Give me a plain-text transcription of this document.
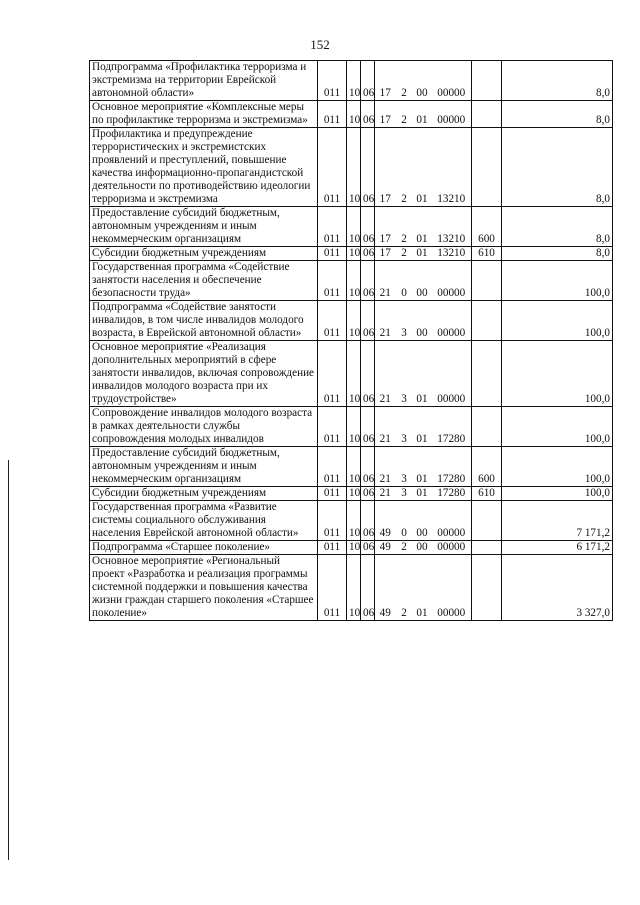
152
Подпрограмма «Профилактика терроризма и экстремизма на территории Еврейской автономной области»	011	10	06	17	2	00	00000		8,0
Основное мероприятие «Комплексные меры по профилактике терроризма и экстремизма»	011	10	06	17	2	01	00000		8,0
Профилактика и предупреждение террористических и экстремистских проявлений и преступлений, повышение качества информационно-пропагандистской деятельности по противодействию идеологии терроризма и экстремизма	011	10	06	17	2	01	13210		8,0
Предоставление субсидий бюджетным, автономным учреждениям и иным некоммерческим организациям	011	10	06	17	2	01	13210	600	8,0
Субсидии бюджетным учреждениям	011	10	06	17	2	01	13210	610	8,0
Государственная программа «Содействие занятости населения и обеспечение безопасности труда»	011	10	06	21	0	00	00000		100,0
Подпрограмма «Содействие занятости инвалидов, в том числе инвалидов молодого возраста, в Еврейской автономной области»	011	10	06	21	3	00	00000		100,0
Основное мероприятие «Реализация дополнительных мероприятий в сфере занятости инвалидов, включая сопровождение инвалидов молодого возраста при их трудоустройстве»	011	10	06	21	3	01	00000		100,0
Сопровождение инвалидов молодого возраста в рамках деятельности службы сопровождения молодых инвалидов	011	10	06	21	3	01	17280		100,0
Предоставление субсидий бюджетным, автономным учреждениям и иным некоммерческим организациям	011	10	06	21	3	01	17280	600	100,0
Субсидии бюджетным учреждениям	011	10	06	21	3	01	17280	610	100,0
Государственная программа «Развитие системы социального обслуживания населения Еврейской автономной области»	011	10	06	49	0	00	00000		7 171,2
Подпрограмма «Старшее поколение»	011	10	06	49	2	00	00000		6 171,2
Основное мероприятие «Региональный проект «Разработка и реализация программы системной поддержки и повышения качества жизни граждан старшего поколения «Старшее поколение»	011	10	06	49	2	01	00000		3 327,0
